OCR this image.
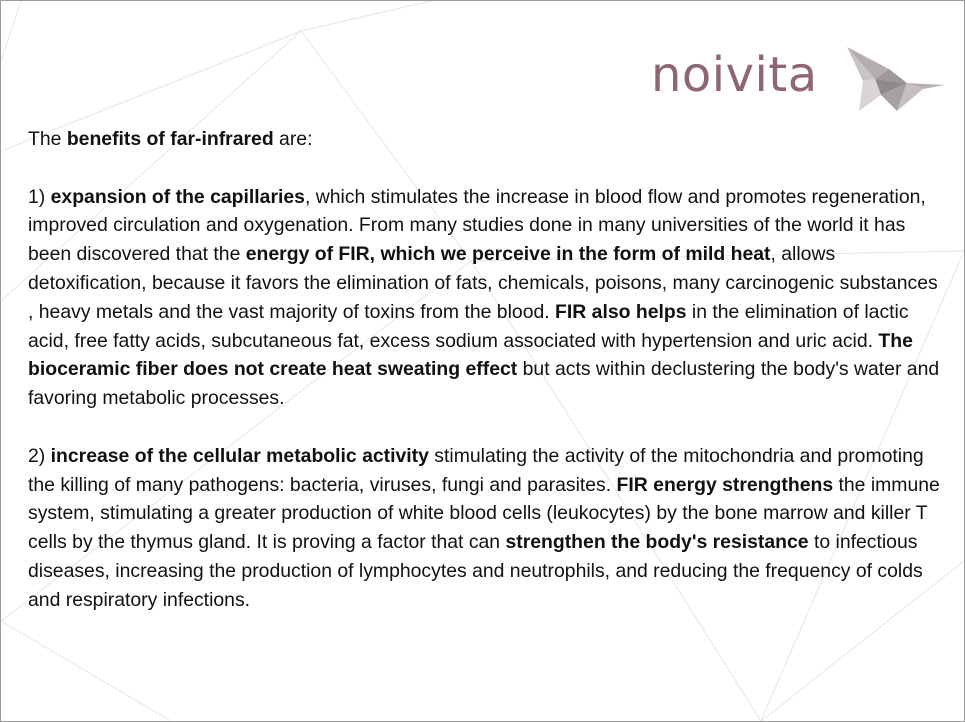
noivita

The benefits of far-infrared are:

1) expansion of the capillaries, which stimulates the increase in blood flow and promotes regeneration, improved circulation and oxygenation. From many studies done in many universities of the world it has been discovered that the energy of FIR, which we perceive in the form of mild heat, allows detoxification, because it favors the elimination of fats, chemicals, poisons, many carcinogenic substances , heavy metals and the vast majority of toxins from the blood. FIR also helps in the elimination of lactic acid, free fatty acids, subcutaneous fat, excess sodium associated with hypertension and uric acid. The bioceramic fiber does not create heat sweating effect but acts within declustering the body's water and favoring metabolic processes.

2) increase of the cellular metabolic activity stimulating the activity of the mitochondria and promoting the killing of many pathogens: bacteria, viruses, fungi and parasites. FIR energy strengthens the immune system, stimulating a greater production of white blood cells (leukocytes) by the bone marrow and killer T cells by the thymus gland. It is proving a factor that can strengthen the body's resistance to infectious diseases, increasing the production of lymphocytes and neutrophils, and reducing the frequency of colds and respiratory infections.
